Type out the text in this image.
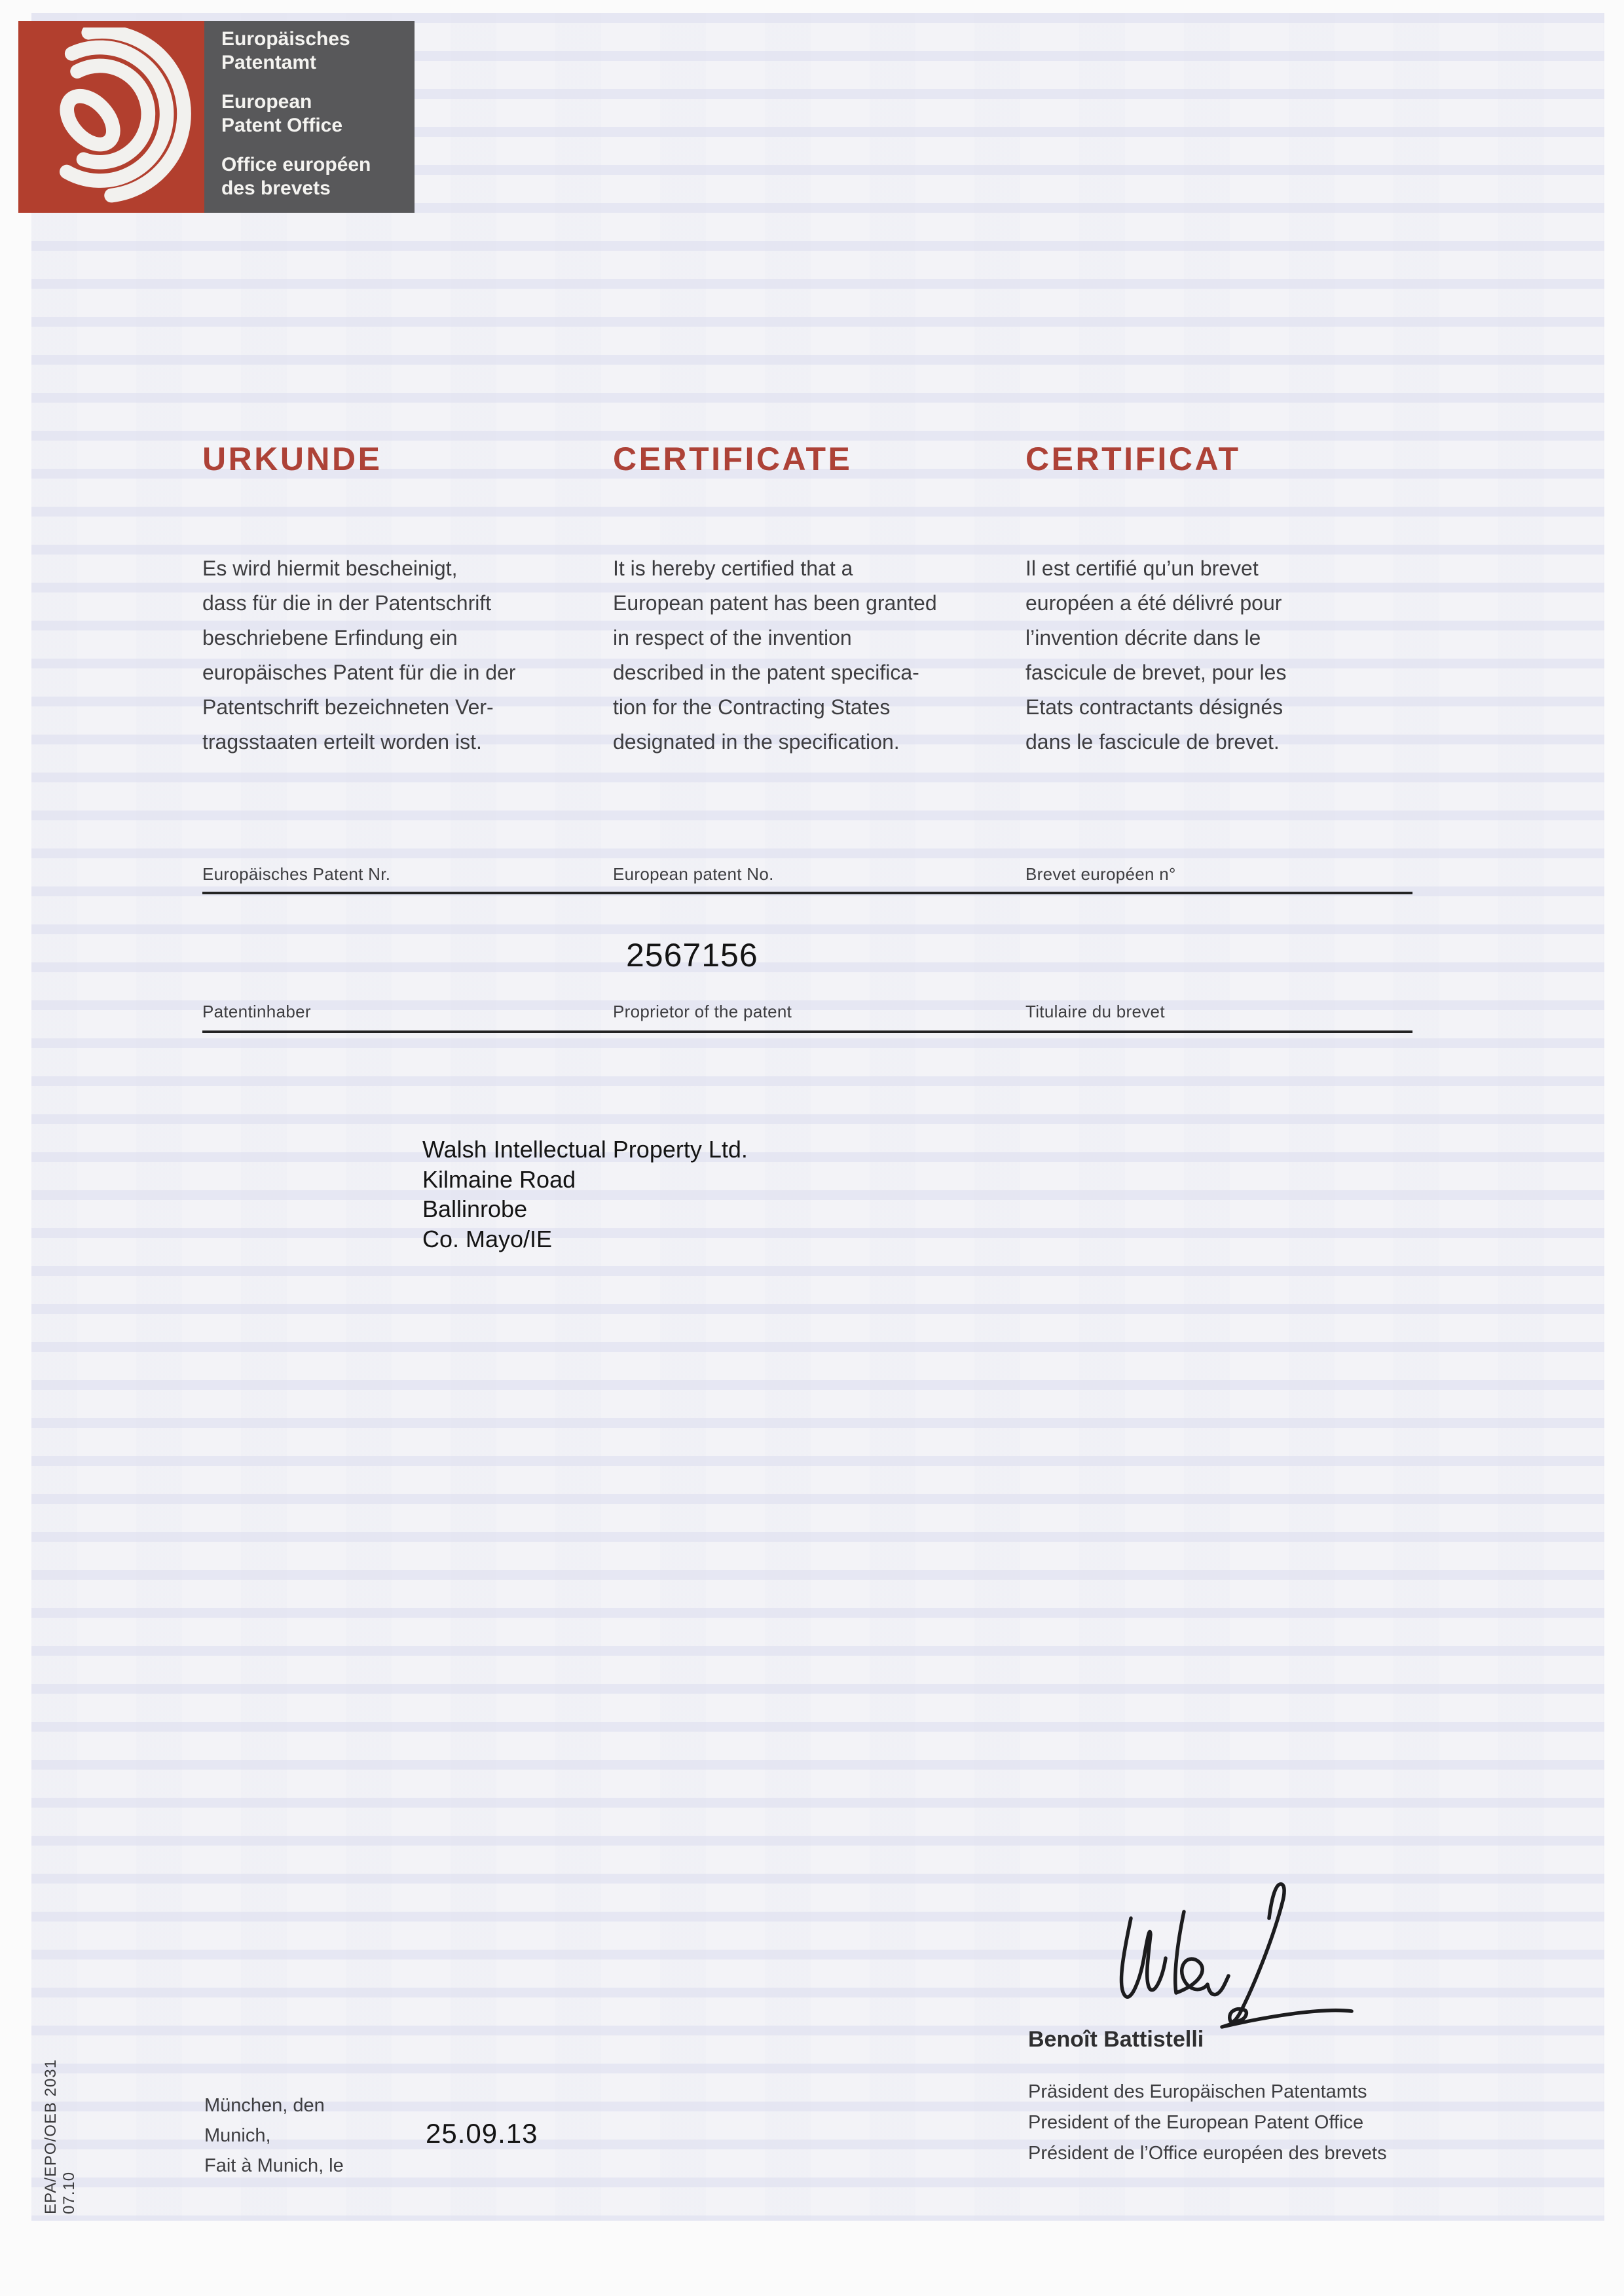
Europäisches
Patentamt
European
Patent Office
Office européen
des brevets
URKUNDE	CERTIFICATE	CERTIFICAT
Es wird hiermit bescheinigt,
dass für die in der Patentschrift
beschriebene Erfindung ein
europäisches Patent für die in der
Patentschrift bezeichneten Ver-
tragsstaaten erteilt worden ist.
It is hereby certified that a
European patent has been granted
in respect of the invention
described in the patent specifica-
tion for the Contracting States
designated in the specification.
Il est certifié qu’un brevet
européen a été délivré pour
l’invention décrite dans le
fascicule de brevet, pour les
Etats contractants désignés
dans le fascicule de brevet.
Europäisches Patent Nr.	European patent No.	Brevet européen n°
2567156
Patentinhaber	Proprietor of the patent	Titulaire du brevet
Walsh Intellectual Property Ltd.
Kilmaine Road
Ballinrobe
Co. Mayo/IE
Benoît Battistelli
Präsident des Europäischen Patentamts
President of the European Patent Office
Président de l’Office européen des brevets
München, den
Munich,
Fait à Munich, le
25.09.13
EPA/EPO/OEB 2031 07.10
